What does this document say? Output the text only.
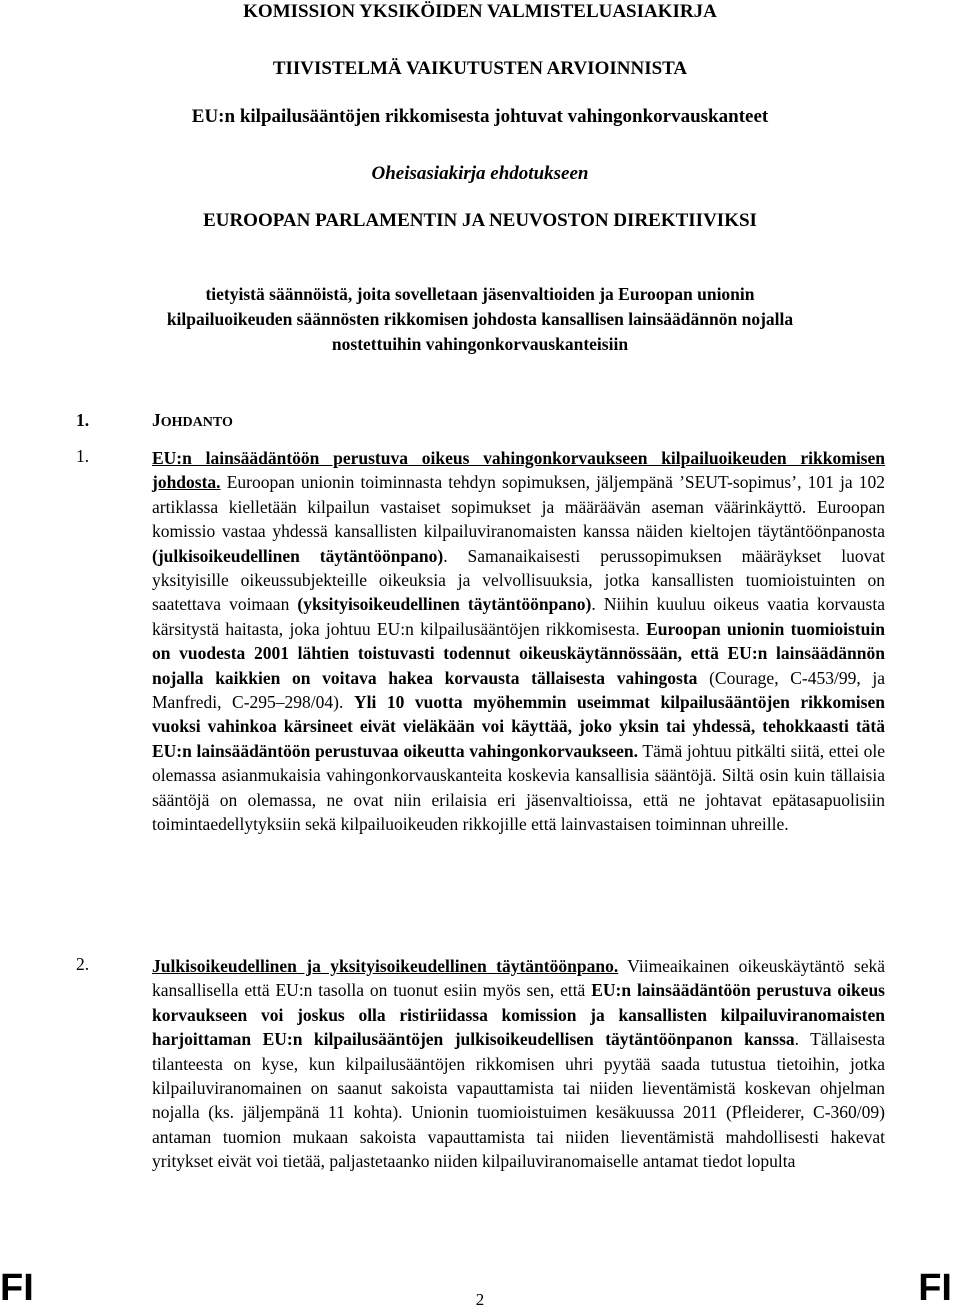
KOMISSION YKSIKÖIDEN VALMISTELUASIAKIRJA
TIIVISTELMÄ VAIKUTUSTEN ARVIOINNISTA
EU:n kilpailusääntöjen rikkomisesta johtuvat vahingonkorvauskanteet
Oheisasiakirja ehdotukseen
EUROOPAN PARLAMENTIN JA NEUVOSTON DIREKTIIVIKSI
tietyistä säännöistä, joita sovelletaan jäsenvaltioiden ja Euroopan unionin
kilpailuoikeuden säännösten rikkomisen johdosta kansallisen lainsäädännön nojalla
nostettuihin vahingonkorvauskanteisiin
1.	JOHDANTO
1.	EU:n lainsäädäntöön perustuva oikeus vahingonkorvaukseen kilpailuoikeuden rikkomisen johdosta. Euroopan unionin toiminnasta tehdyn sopimuksen, jäljempänä ’SEUT-sopimus’, 101 ja 102 artiklassa kielletään kilpailun vastaiset sopimukset ja määräävän aseman väärinkäyttö. Euroopan komissio vastaa yhdessä kansallisten kilpailuviranomaisten kanssa näiden kieltojen täytäntöönpanosta (julkisoikeudellinen täytäntöönpano). Samanaikaisesti perussopimuksen määräykset luovat yksityisille oikeussubjekteille oikeuksia ja velvollisuuksia, jotka kansallisten tuomioistuinten on saatettava voimaan (yksityisoikeudellinen täytäntöönpano). Niihin kuuluu oikeus vaatia korvausta kärsitystä haitasta, joka johtuu EU:n kilpailusääntöjen rikkomisesta. Euroopan unionin tuomioistuin on vuodesta 2001 lähtien toistuvasti todennut oikeuskäytännössään, että EU:n lainsäädännön nojalla kaikkien on voitava hakea korvausta tällaisesta vahingosta (Courage, C-453/99, ja Manfredi, C-295–298/04). Yli 10 vuotta myöhemmin useimmat kilpailusääntöjen rikkomisen vuoksi vahinkoa kärsineet eivät vieläkään voi käyttää, joko yksin tai yhdessä, tehokkaasti tätä EU:n lainsäädäntöön perustuvaa oikeutta vahingonkorvaukseen. Tämä johtuu pitkälti siitä, ettei ole olemassa asianmukaisia vahingonkorvauskanteita koskevia kansallisia sääntöjä. Siltä osin kuin tällaisia sääntöjä on olemassa, ne ovat niin erilaisia eri jäsenvaltioissa, että ne johtavat epätasapuolisiin toimintaedellytyksiin sekä kilpailuoikeuden rikkojille että lainvastaisen toiminnan uhreille.

2.	Julkisoikeudellinen ja yksityisoikeudellinen täytäntöönpano. Viimeaikainen oikeuskäytäntö sekä kansallisella että EU:n tasolla on tuonut esiin myös sen, että EU:n lainsäädäntöön perustuva oikeus korvaukseen voi joskus olla ristiriidassa komission ja kansallisten kilpailuviranomaisten harjoittaman EU:n kilpailusääntöjen julkisoikeudellisen täytäntöönpanon kanssa. Tällaisesta tilanteesta on kyse, kun kilpailusääntöjen rikkomisen uhri pyytää saada tutustua tietoihin, jotka kilpailuviranomainen on saanut sakoista vapauttamista tai niiden lieventämistä koskevan ohjelman nojalla (ks. jäljempänä 11 kohta). Unionin tuomioistuimen kesäkuussa 2011 (Pfleiderer, C-360/09) antaman tuomion mukaan sakoista vapauttamista tai niiden lieventämistä mahdollisesti hakevat yritykset eivät voi tietää, paljastetaanko niiden kilpailuviranomaiselle antamat tiedot lopulta

FI	2	FI
